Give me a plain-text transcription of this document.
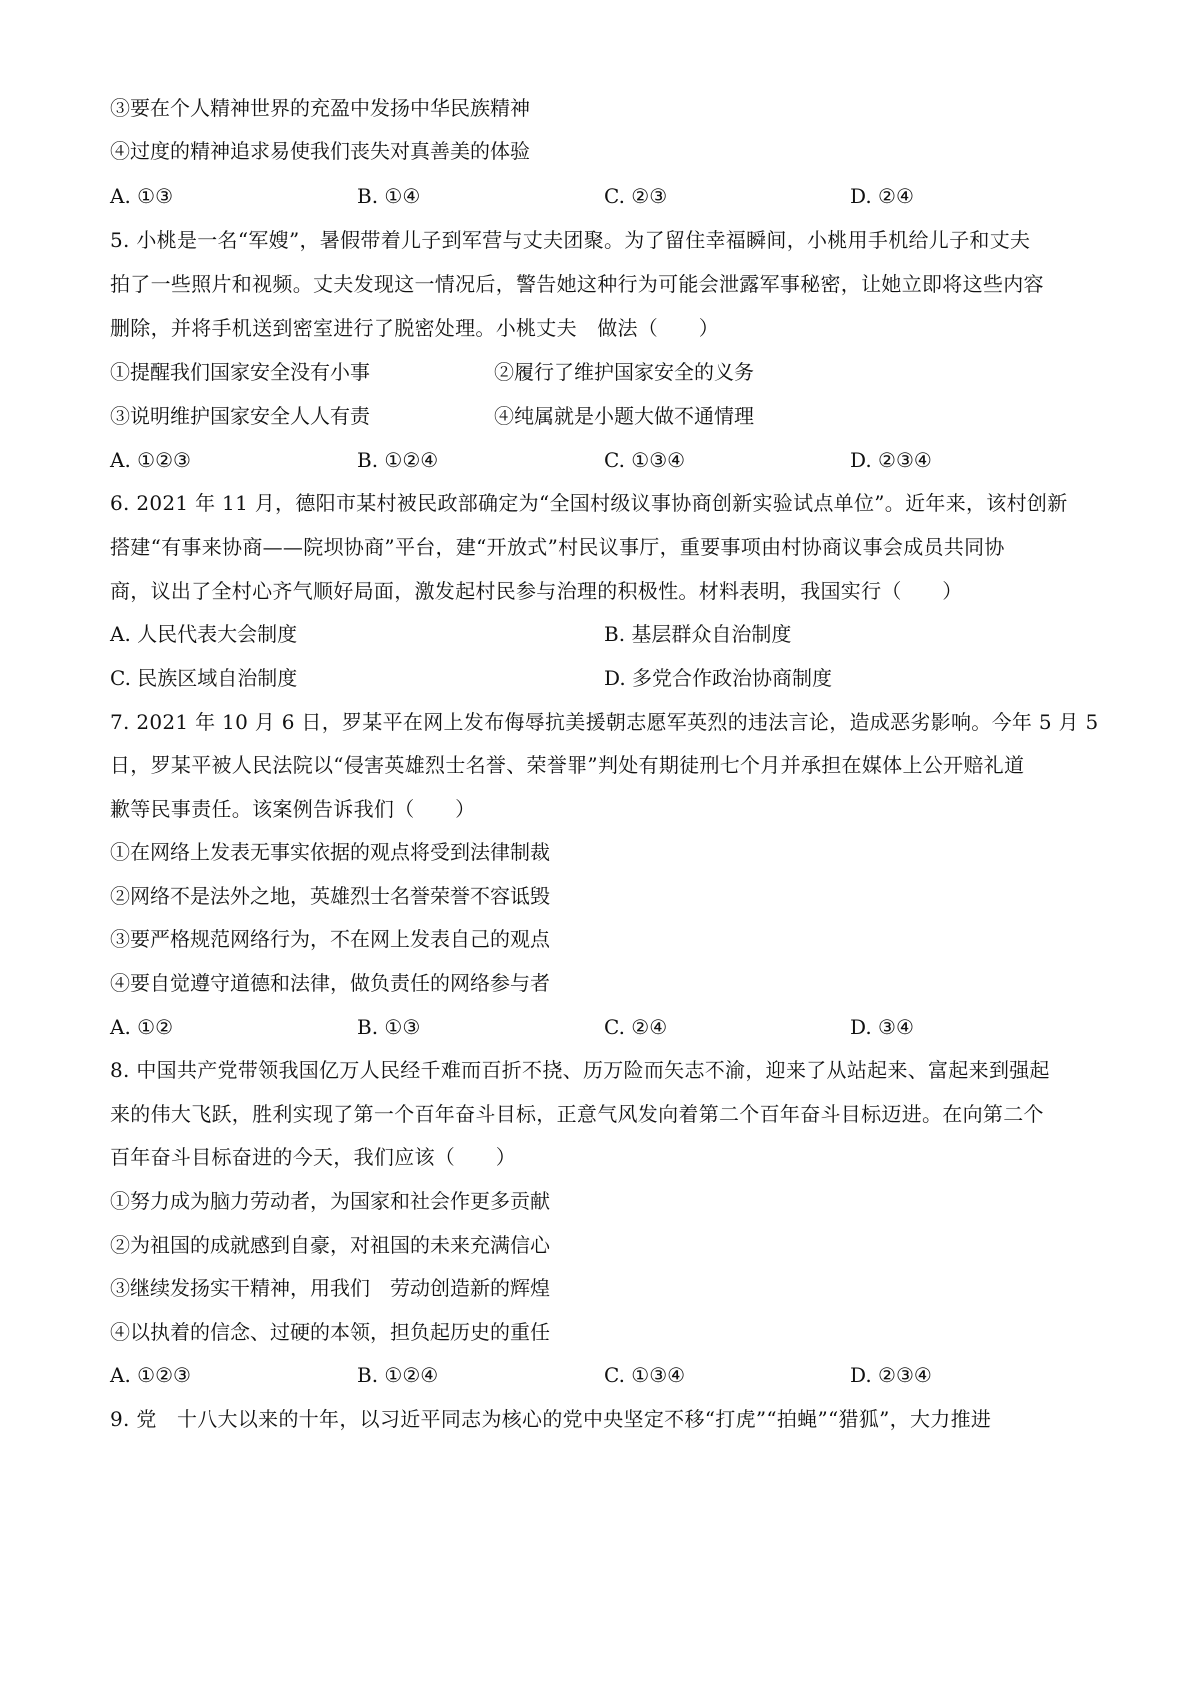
③要在个人精神世界的充盈中发扬中华民族精神
④过度的精神追求易使我们丧失对真善美的体验
A. ①③	B. ①④	C. ②③	D. ②④
5. 小桃是一名“军嫂”，暑假带着儿子到军营与丈夫团聚。为了留住幸福瞬间，小桃用手机给儿子和丈夫
拍了一些照片和视频。丈夫发现这一情况后，警告她这种行为可能会泄露军事秘密，让她立即将这些内容
删除，并将手机送到密室进行了脱密处理。小桃丈夫　做法（　　）
①提醒我们国家安全没有小事	②履行了维护国家安全的义务
③说明维护国家安全人人有责	④纯属就是小题大做不通情理
A. ①②③	B. ①②④	C. ①③④	D. ②③④
6. 2021 年 11 月，德阳市某村被民政部确定为“全国村级议事协商创新实验试点单位”。近年来，该村创新
搭建“有事来协商——院坝协商”平台，建“开放式”村民议事厅，重要事项由村协商议事会成员共同协
商，议出了全村心齐气顺好局面，激发起村民参与治理的积极性。材料表明，我国实行（　　）
A. 人民代表大会制度	B. 基层群众自治制度
C. 民族区域自治制度	D. 多党合作政治协商制度
7. 2021 年 10 月 6 日，罗某平在网上发布侮辱抗美援朝志愿军英烈的违法言论，造成恶劣影响。今年 5 月 5
日，罗某平被人民法院以“侵害英雄烈士名誉、荣誉罪”判处有期徒刑七个月并承担在媒体上公开赔礼道
歉等民事责任。该案例告诉我们（　　）
①在网络上发表无事实依据的观点将受到法律制裁
②网络不是法外之地，英雄烈士名誉荣誉不容诋毁
③要严格规范网络行为，不在网上发表自己的观点
④要自觉遵守道德和法律，做负责任的网络参与者
A. ①②	B. ①③	C. ②④	D. ③④
8. 中国共产党带领我国亿万人民经千难而百折不挠、历万险而矢志不渝，迎来了从站起来、富起来到强起
来的伟大飞跃，胜利实现了第一个百年奋斗目标，正意气风发向着第二个百年奋斗目标迈进。在向第二个
百年奋斗目标奋进的今天，我们应该（　　）
①努力成为脑力劳动者，为国家和社会作更多贡献
②为祖国的成就感到自豪，对祖国的未来充满信心
③继续发扬实干精神，用我们　劳动创造新的辉煌
④以执着的信念、过硬的本领，担负起历史的重任
A. ①②③	B. ①②④	C. ①③④	D. ②③④
9. 党　十八大以来的十年，以习近平同志为核心的党中央坚定不移“打虎”“拍蝇”“猎狐”，大力推进
